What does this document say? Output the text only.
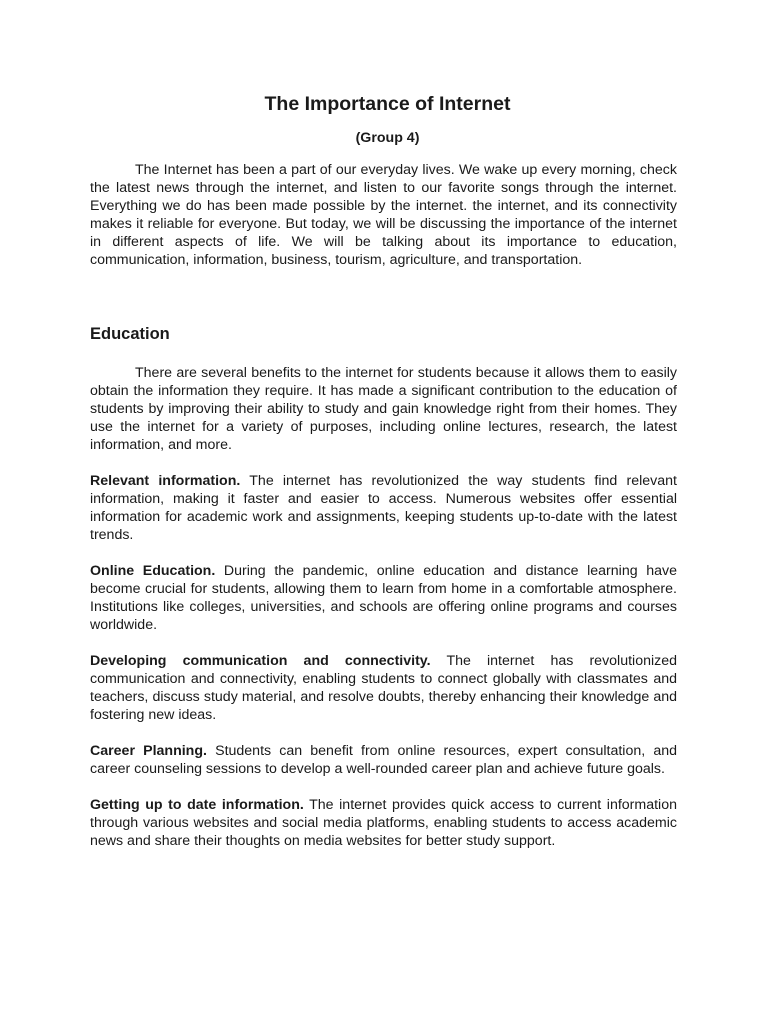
The Importance of Internet
(Group 4)

The Internet has been a part of our everyday lives. We wake up every morning, check the latest news through the internet, and listen to our favorite songs through the internet. Everything we do has been made possible by the internet. the internet, and its connectivity makes it reliable for everyone. But today, we will be discussing the importance of the internet in different aspects of life. We will be talking about its importance to education, communication, information, business, tourism, agriculture, and transportation.

Education

There are several benefits to the internet for students because it allows them to easily obtain the information they require. It has made a significant contribution to the education of students by improving their ability to study and gain knowledge right from their homes. They use the internet for a variety of purposes, including online lectures, research, the latest information, and more.

Relevant information. The internet has revolutionized the way students find relevant information, making it faster and easier to access. Numerous websites offer essential information for academic work and assignments, keeping students up-to-date with the latest trends.

Online Education. During the pandemic, online education and distance learning have become crucial for students, allowing them to learn from home in a comfortable atmosphere. Institutions like colleges, universities, and schools are offering online programs and courses worldwide.

Developing communication and connectivity. The internet has revolutionized communication and connectivity, enabling students to connect globally with classmates and teachers, discuss study material, and resolve doubts, thereby enhancing their knowledge and fostering new ideas.

Career Planning. Students can benefit from online resources, expert consultation, and career counseling sessions to develop a well-rounded career plan and achieve future goals.

Getting up to date information. The internet provides quick access to current information through various websites and social media platforms, enabling students to access academic news and share their thoughts on media websites for better study support.
